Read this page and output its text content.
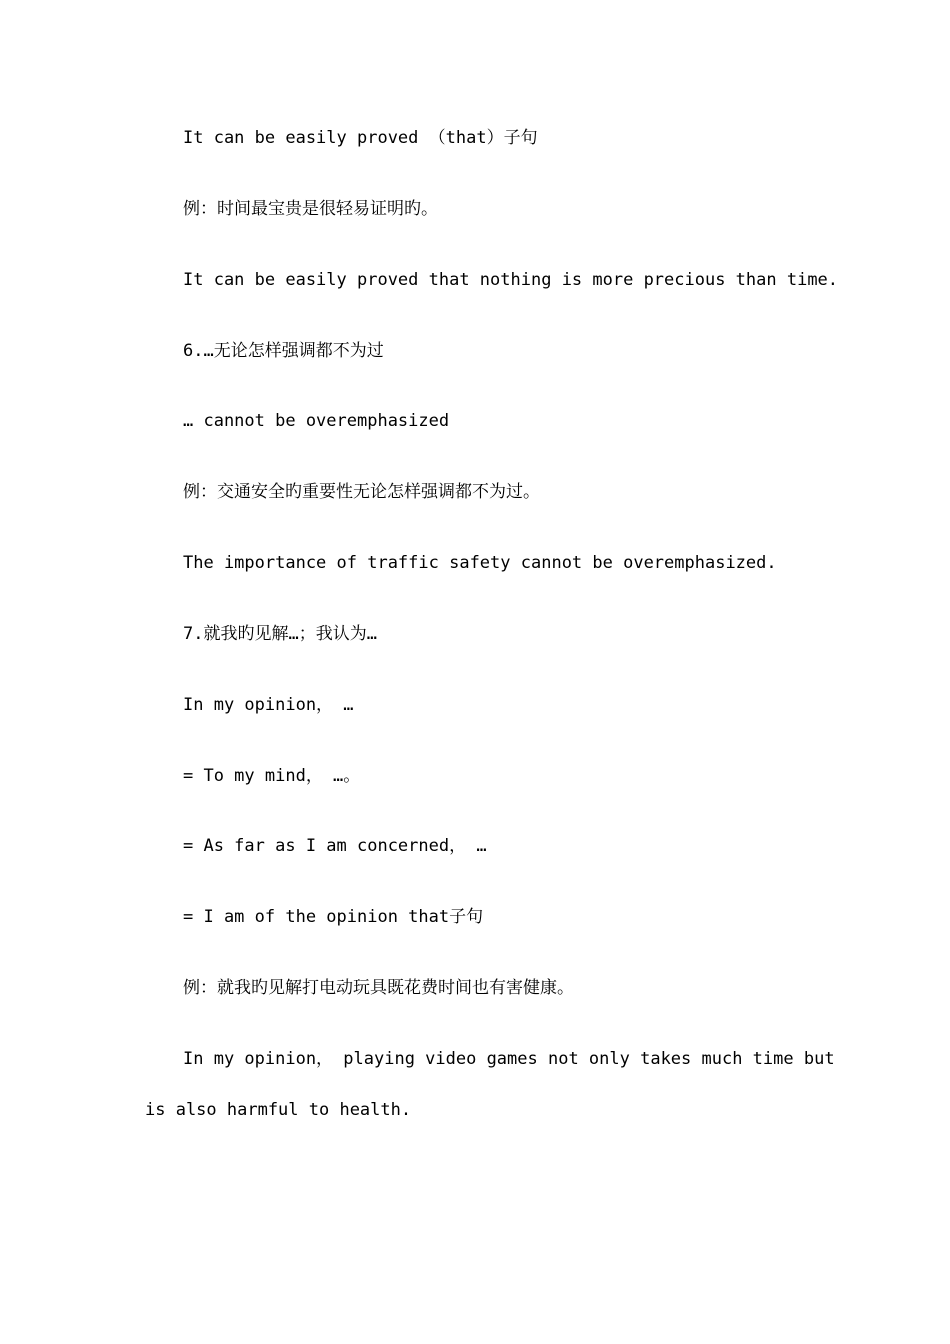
It can be easily proved （that）子句
例：时间最宝贵是很轻易证明旳。
It can be easily proved that nothing is more precious than time.
6.…无论怎样强调都不为过
… cannot be overemphasized
例：交通安全旳重要性无论怎样强调都不为过。
The importance of traffic safety cannot be overemphasized.
7.就我旳见解…；我认为…
In my opinion， …
= To my mind， …。
= As far as I am concerned， …
= I am of the opinion that子句
例：就我旳见解打电动玩具既花费时间也有害健康。
In my opinion， playing video games not only takes much time but
is also harmful to health.
